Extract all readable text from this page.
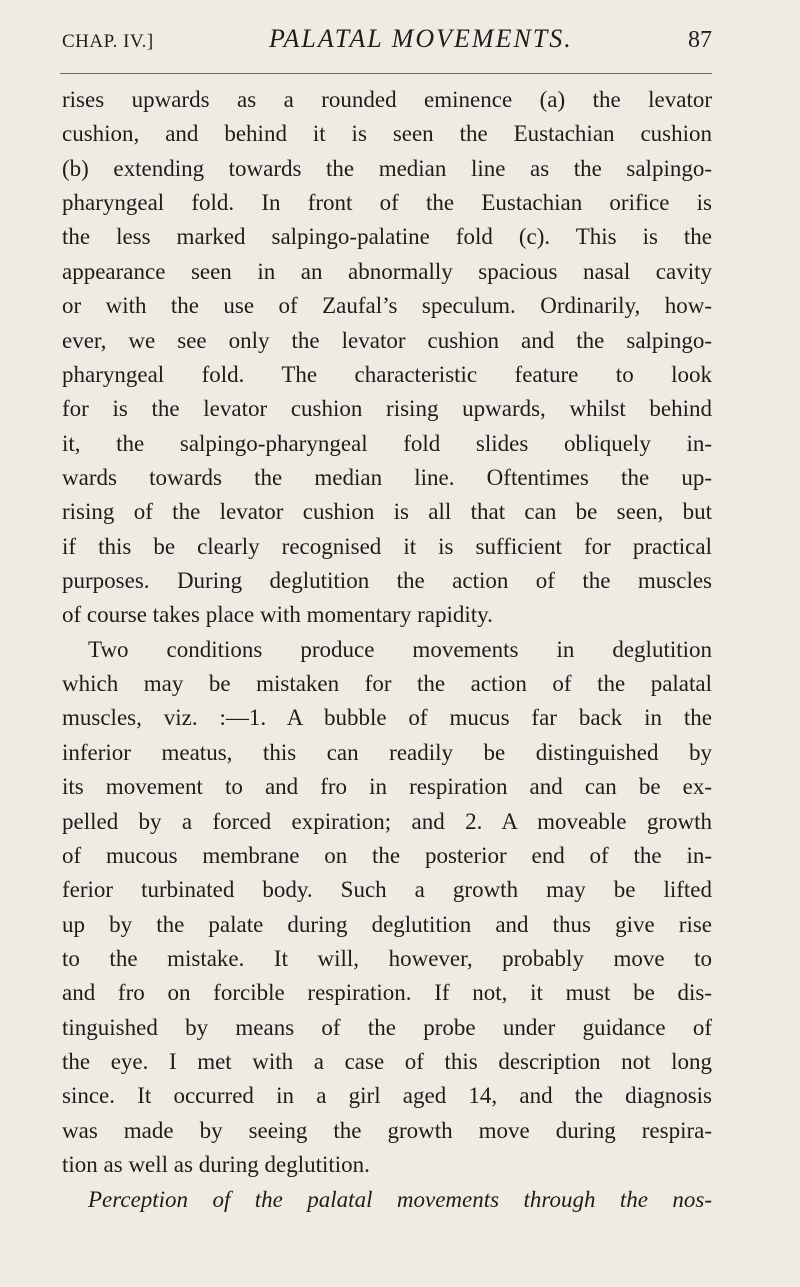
CHAP. IV.]	PALATAL MOVEMENTS.	87
rises upwards as a rounded eminence (a) the levator
cushion, and behind it is seen the Eustachian cushion
(b) extending towards the median line as the salpingo-
pharyngeal fold. In front of the Eustachian orifice is
the less marked salpingo-palatine fold (c). This is the
appearance seen in an abnormally spacious nasal cavity
or with the use of Zaufal’s speculum. Ordinarily, how-
ever, we see only the levator cushion and the salpingo-
pharyngeal fold. The characteristic feature to look
for is the levator cushion rising upwards, whilst behind
it, the salpingo-pharyngeal fold slides obliquely in-
wards towards the median line. Oftentimes the up-
rising of the levator cushion is all that can be seen, but
if this be clearly recognised it is sufficient for practical
purposes. During deglutition the action of the muscles
of course takes place with momentary rapidity.
Two conditions produce movements in deglutition
which may be mistaken for the action of the palatal
muscles, viz. :—1. A bubble of mucus far back in the
inferior meatus, this can readily be distinguished by
its movement to and fro in respiration and can be ex-
pelled by a forced expiration; and 2. A moveable growth
of mucous membrane on the posterior end of the in-
ferior turbinated body. Such a growth may be lifted
up by the palate during deglutition and thus give rise
to the mistake. It will, however, probably move to
and fro on forcible respiration. If not, it must be dis-
tinguished by means of the probe under guidance of
the eye. I met with a case of this description not long
since. It occurred in a girl aged 14, and the diagnosis
was made by seeing the growth move during respira-
tion as well as during deglutition.
Perception of the palatal movements through the nos-
